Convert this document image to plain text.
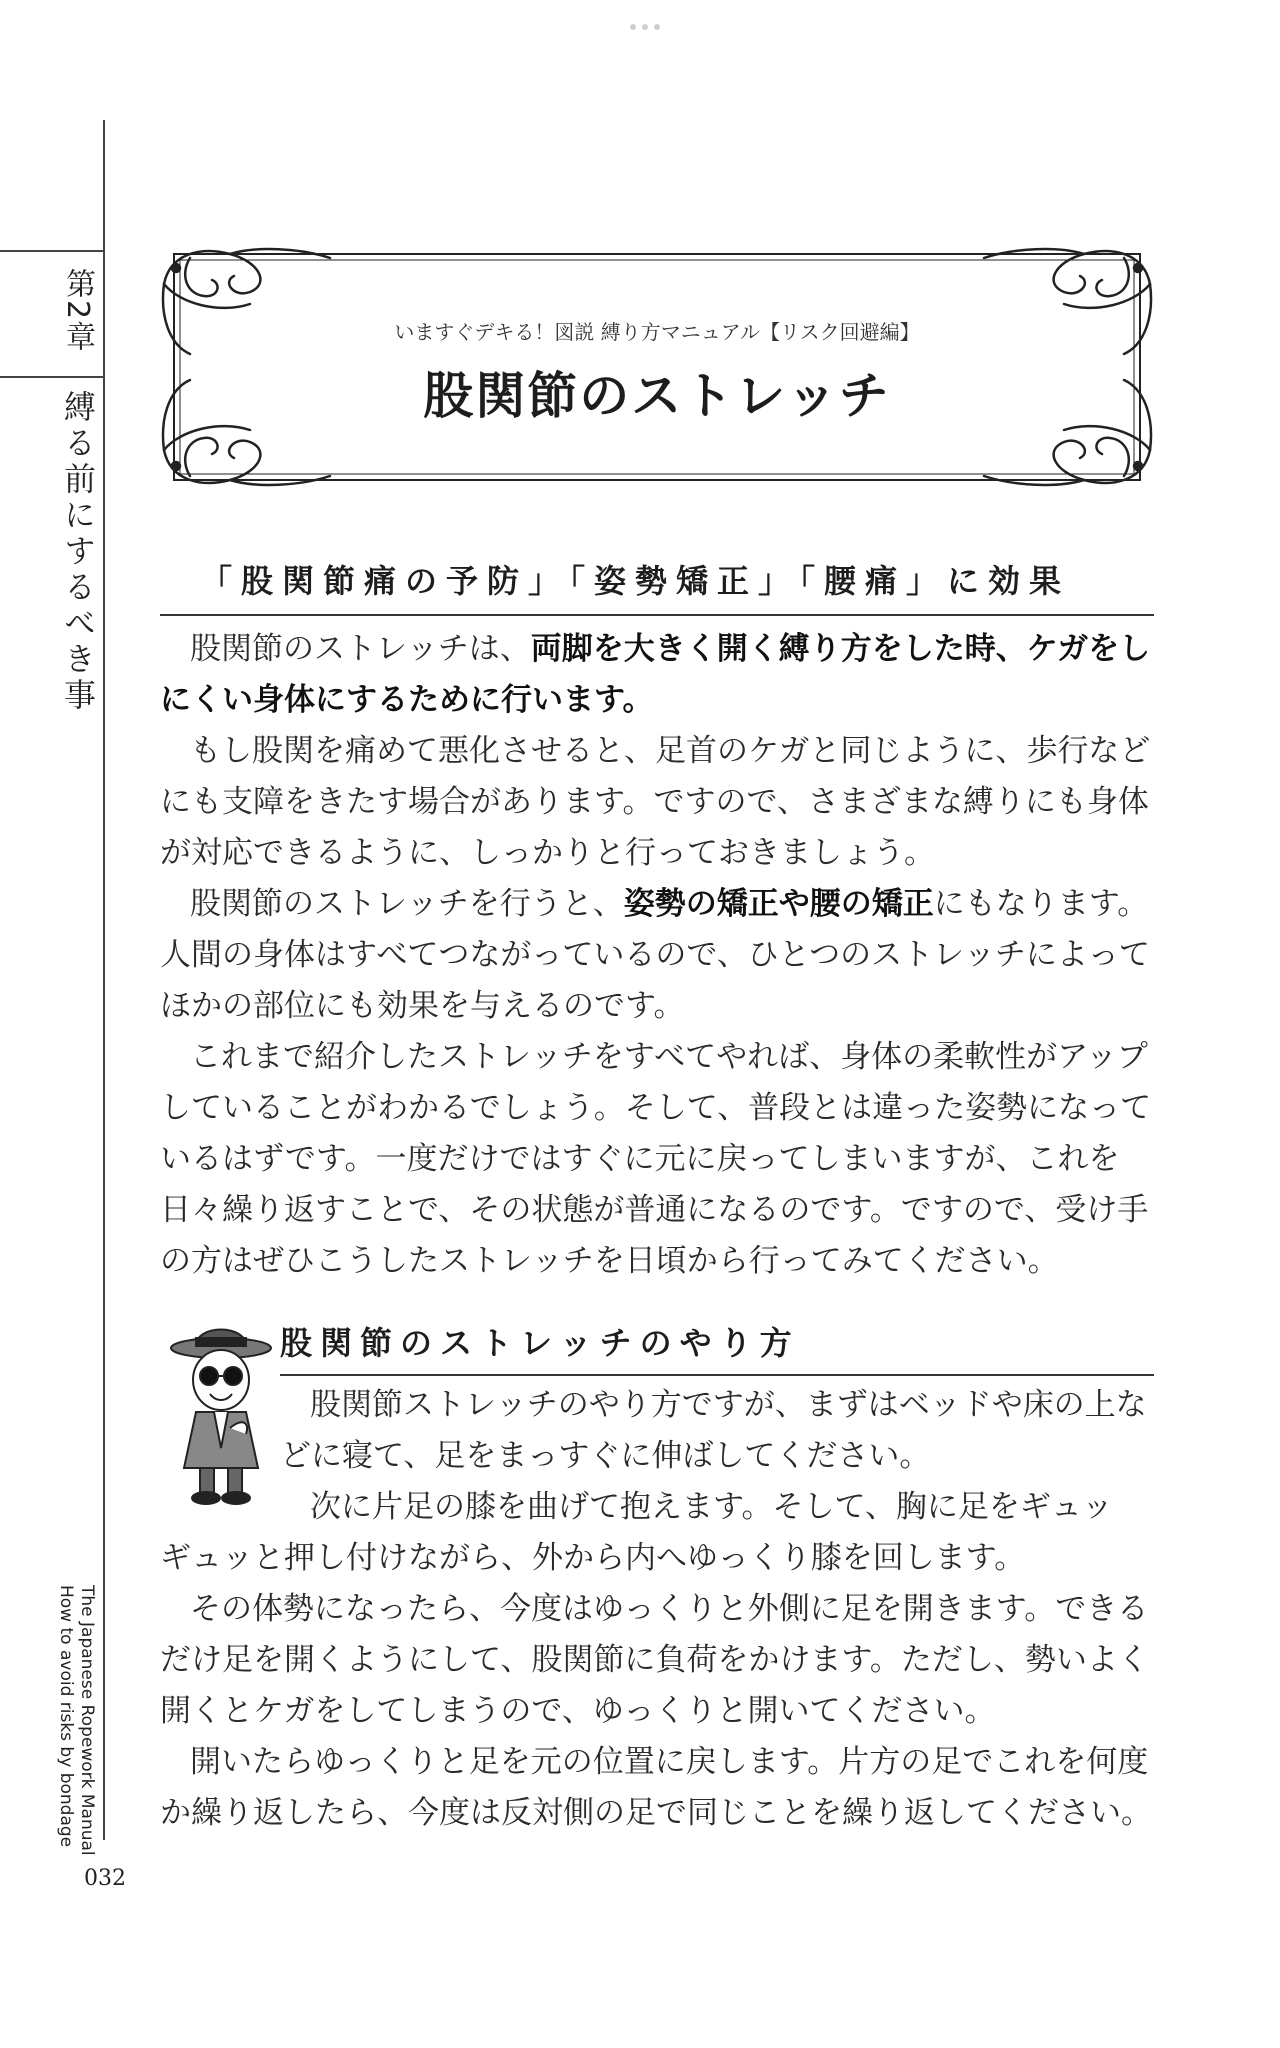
第2章
縛る前にするべき事
The Japanese Ropework Manual
How to avoid risks by bondage
いますぐデキる！図説 縛り方マニュアル【リスク回避編】
股関節のストレッチ
「股関節痛の予防」「姿勢矯正」「腰痛」に効果

股関節のストレッチは、両脚を大きく開く縛り方をした時、ケガをしにくい身体にするために行います。

もし股関を痛めて悪化させると、足首のケガと同じように、歩行などにも支障をきたす場合があります。ですので、さまざまな縛りにも身体が対応できるように、しっかりと行っておきましょう。

股関節のストレッチを行うと、姿勢の矯正や腰の矯正にもなります。人間の身体はすべてつながっているので、ひとつのストレッチによってほかの部位にも効果を与えるのです。

これまで紹介したストレッチをすべてやれば、身体の柔軟性がアップしていることがわかるでしょう。そして、普段とは違った姿勢になっているはずです。一度だけではすぐに元に戻ってしまいますが、これを日々繰り返すことで、その状態が普通になるのです。ですので、受け手の方はぜひこうしたストレッチを日頃から行ってみてください。

股関節のストレッチのやり方

股関節ストレッチのやり方ですが、まずはベッドや床の上などに寝て、足をまっすぐに伸ばしてください。

次に片足の膝を曲げて抱えます。そして、胸に足をギュッ

ギュッと押し付けながら、外から内へゆっくり膝を回します。

その体勢になったら、今度はゆっくりと外側に足を開きます。できるだけ足を開くようにして、股関節に負荷をかけます。ただし、勢いよく開くとケガをしてしまうので、ゆっくりと開いてください。

開いたらゆっくりと足を元の位置に戻します。片方の足でこれを何度か繰り返したら、今度は反対側の足で同じことを繰り返してください。

032
